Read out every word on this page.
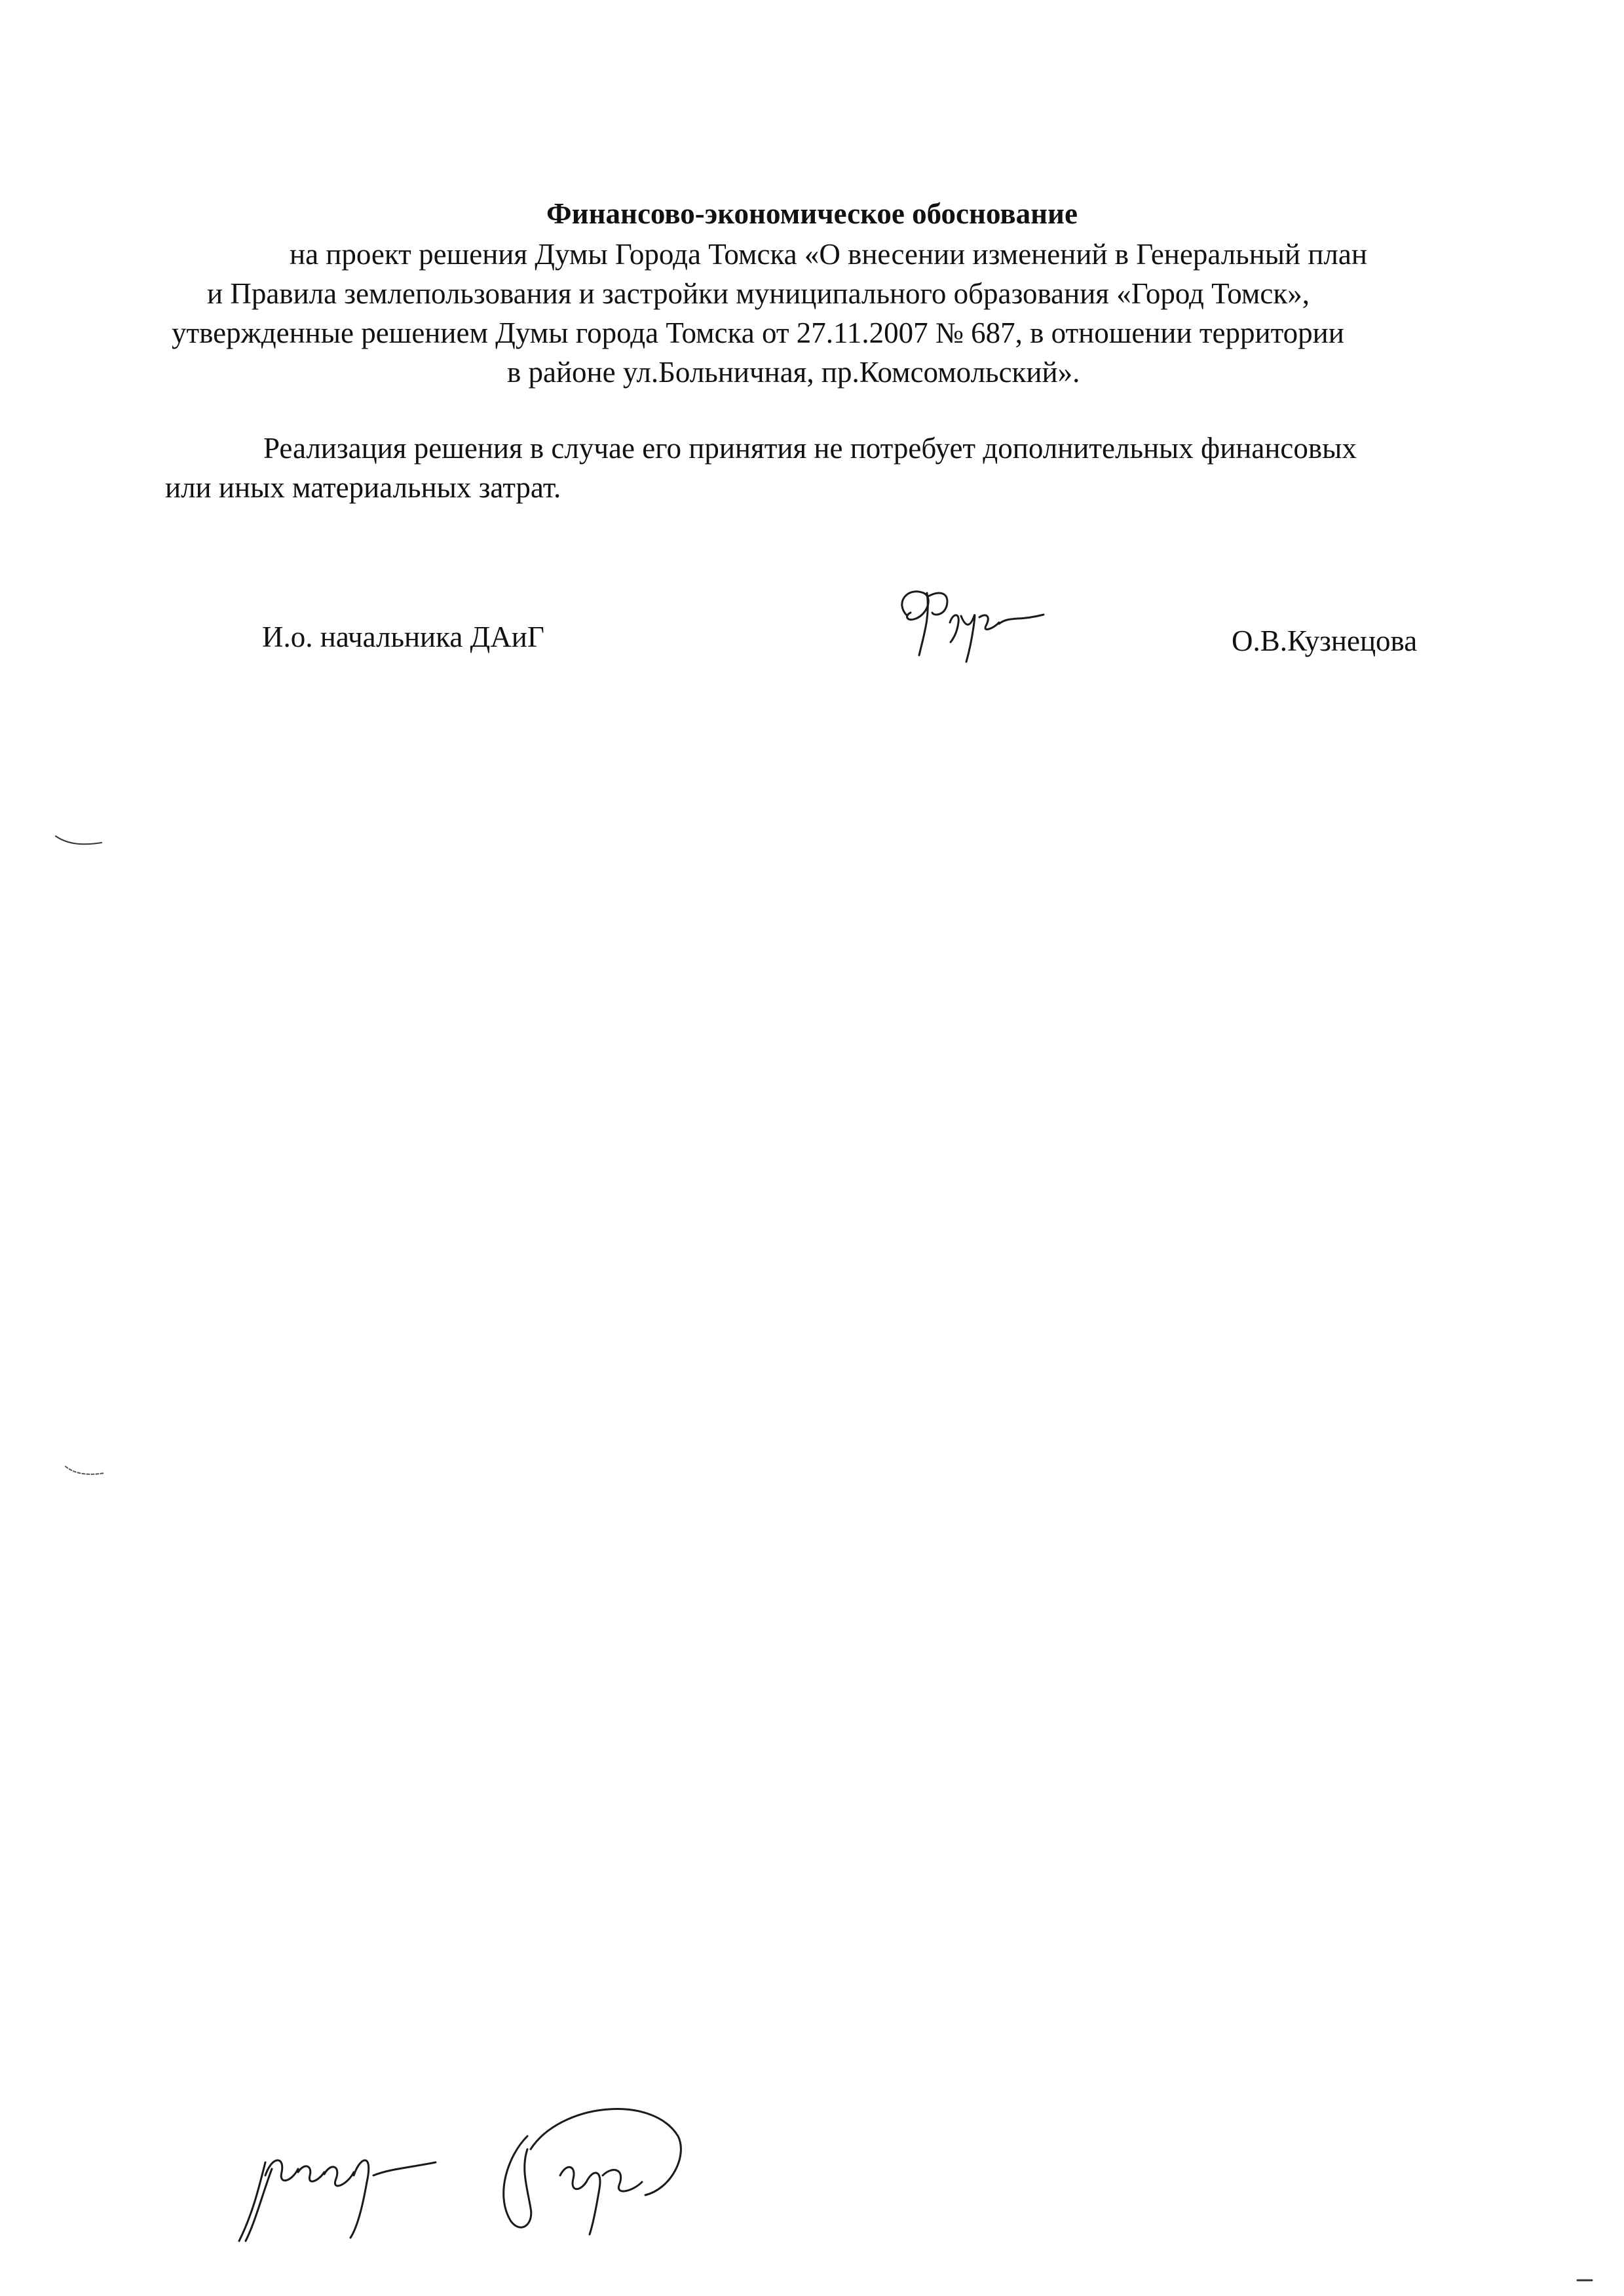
Финансово-экономическое обоснование
на проект решения Думы Города Томска «О внесении изменений в Генеральный план
и Правила землепользования и застройки муниципального образования «Город Томск»,
утвержденные решением Думы города Томска от 27.11.2007 № 687, в отношении территории
в районе ул.Больничная, пр.Комсомольский».
Реализация решения в случае его принятия не потребует дополнительных финансовых
или иных материальных затрат.
И.о. начальника ДАиГ	О.В.Кузнецова
